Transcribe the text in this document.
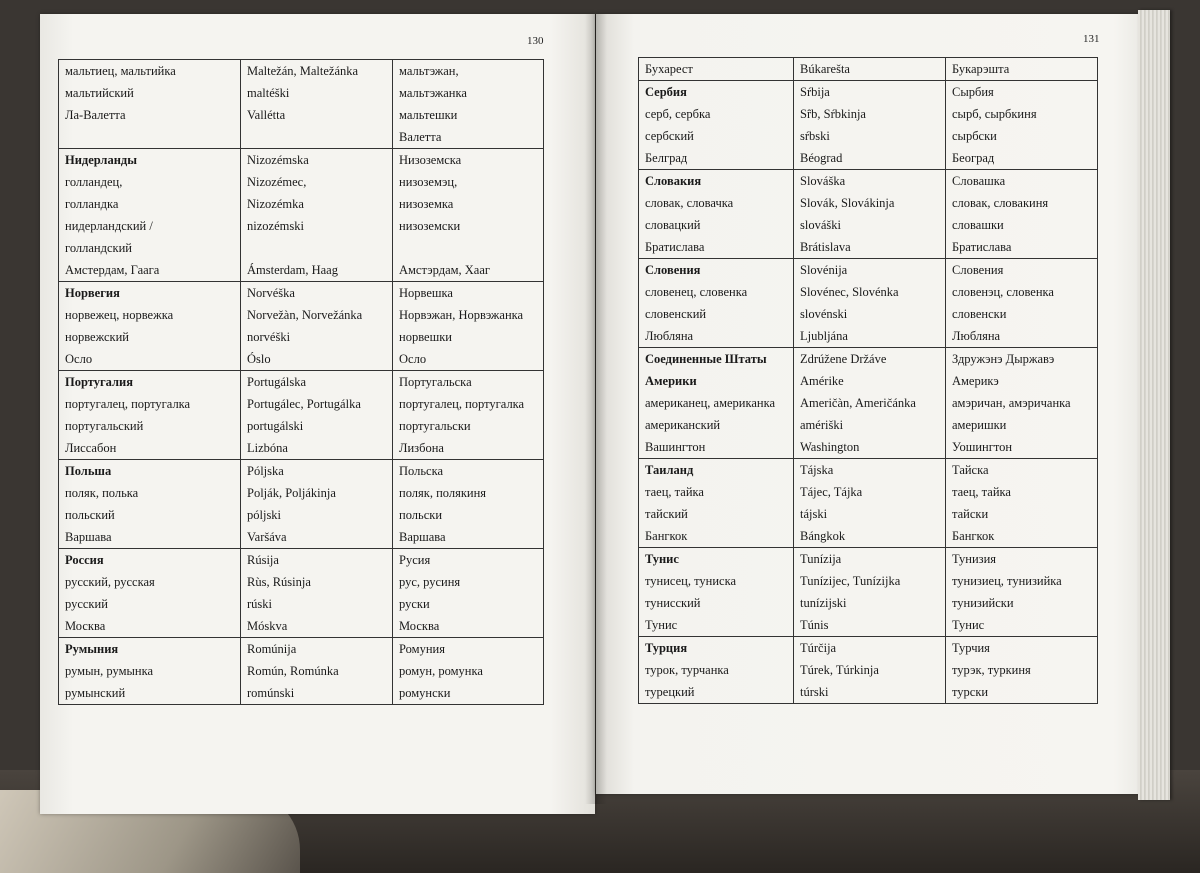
130	131
мальтиец, мальтийка	Maltežán, Maltežánka	мальтэжан,
мальтийский	maltéški	мальтэжанка
Ла-Валетта	Vallétta	мальтешки
		Валетта
Нидерланды	Nizozémska	Низоземска
голландец,	Nizozémec,	низоземэц,
голландка	Nizozémka	низоземка
нидерландский /	nizozémski	низоземски
голландский		
Амстердам, Гаага	Ámsterdam, Haag	Амстэрдам, Хааг
Норвегия	Norvéška	Норвешка
норвежец, норвежка	Norvežàn, Norvežánka	Норвэжан, Норвэжанка
норвежский	norvéški	норвешки
Осло	Óslo	Осло
Португалия	Portugálska	Португальска
португалец, португалка	Portugálec, Portugálka	португалец, португалка
португальский	portugálski	португальски
Лиссабон	Lizbóna	Лизбона
Польша	Póljska	Польска
поляк, полька	Polják, Poljákinja	поляк, полякиня
польский	póljski	польски
Варшава	Varšáva	Варшава
Россия	Rúsija	Русия
русский, русская	Rùs, Rúsinja	рус, русиня
русский	rúski	руски
Москва	Móskva	Москва
Румыния	Romúnija	Ромуния
румын, румынка	Romún, Romúnka	ромун, ромунка
румынский	romúnski	ромунски
Бухарест	Búkarešta	Букарэшта
Сербия	Sŕbija	Сырбия
серб, сербка	Sȓb, Sŕbkinja	сырб, сырбкиня
сербский	sŕbski	сырбски
Белград	Béograd	Београд
Словакия	Slováška	Словашка
словак, словачка	Slovák, Slovákinja	словак, словакиня
словацкий	slováški	словашки
Братислава	Brátislava	Братислава
Словения	Slovénija	Словения
словенец, словенка	Slovénec, Slovénka	словенэц, словенка
словенский	slovénski	словенски
Любляна	Ljubljána	Любляна
Соединенные Штаты	Zdrúžene Držáve	Здружэнэ Дыржавэ
Америки	Amérike	Америкэ
американец, американка	Američàn, Američánka	амэричан, амэричанка
американский	amériški	америшки
Вашингтон	Washington	Уошингтон
Таиланд	Tájska	Тайска
таец, тайка	Tájec, Tájka	таец, тайка
тайский	tájski	тайски
Бангкок	Bángkok	Бангкок
Тунис	Tunízija	Тунизия
тунисец, туниска	Tunízijec, Tunízijka	тунизиец, тунизийка
тунисский	tunízijski	тунизийски
Тунис	Túnis	Тунис
Турция	Túrčija	Турчия
турок, турчанка	Túrek, Túrkinja	турэк, туркиня
турецкий	túrski	турски
